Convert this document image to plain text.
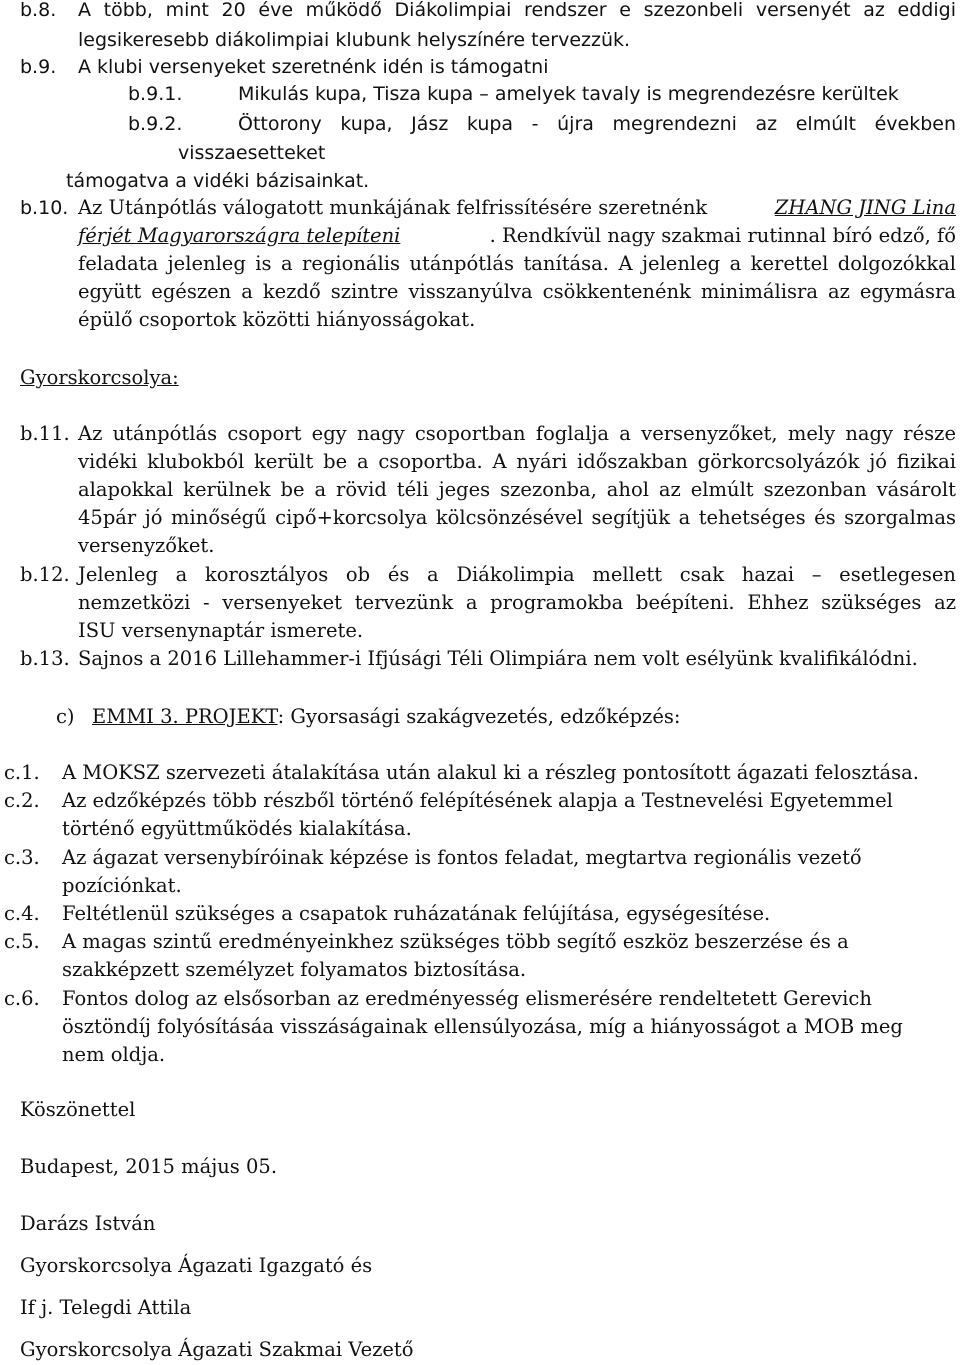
b.8. A több, mint 20 éve működő Diákolimpiai rendszer e szezonbeli versenyét az eddigi
legsikeresebb diákolimpiai klubunk helyszínére tervezzük.
b.9. A klubi versenyeket szeretnénk idén is támogatni
b.9.1.	Mikulás kupa, Tisza kupa – amelyek tavaly is megrendezésre kerültek
b.9.2.	Öttorony kupa, Jász kupa - újra megrendezni az elmúlt években
visszaesetteket
támogatva a vidéki bázisainkat.
b.10. Az Utánpótlás válogatott munkájának felfrissítésére szeretnénk	ZHANG JING Lina
férjét Magyarországra telepíteni	. Rendkívül nagy szakmai rutinnal bíró edző, fő
feladata jelenleg is a regionális utánpótlás tanítása. A jelenleg a kerettel dolgozókkal
együtt egészen a kezdő szintre visszanyúlva csökkentenénk minimálisra az egymásra
épülő csoportok közötti hiányosságokat.
Gyorskorcsolya:
b.11. Az utánpótlás csoport egy nagy csoportban foglalja a versenyzőket, mely nagy része
vidéki klubokból került be a csoportba. A nyári időszakban görkorcsolyázók jó fizikai
alapokkal kerülnek be a rövid téli jeges szezonba, ahol az elmúlt szezonban vásárolt
45pár jó minőségű cipő+korcsolya kölcsönzésével segítjük a tehetséges és szorgalmas
versenyzőket.
b.12. Jelenleg a korosztályos ob és a Diákolimpia mellett csak hazai – esetlegesen
nemzetközi - versenyeket tervezünk a programokba beépíteni. Ehhez szükséges az
ISU versenynaptár ismerete.
b.13. Sajnos a 2016 Lillehammer-i Ifjúsági Téli Olimpiára nem volt esélyünk kvalifikálódni.
c) EMMI 3. PROJEKT: Gyorsasági szakágvezetés, edzőképzés:
c.1. A MOKSZ szervezeti átalakítása után alakul ki a részleg pontosított ágazati felosztása.
c.2. Az edzőképzés több részből történő felépítésének alapja a Testnevelési Egyetemmel
történő együttműködés kialakítása.
c.3. Az ágazat versenybíróinak képzése is fontos feladat, megtartva regionális vezető
pozíciónkat.
c.4. Feltétlenül szükséges a csapatok ruházatának felújítása, egységesítése.
c.5. A magas szintű eredményeinkhez szükséges több segítő eszköz beszerzése és a
szakképzett személyzet folyamatos biztosítása.
c.6. Fontos dolog az elsősorban az eredményesség elismerésére rendeltetett Gerevich
ösztöndíj folyósításáa visszáságainak ellensúlyozása, míg a hiányosságot a MOB meg
nem oldja.
Köszönettel
Budapest, 2015 május 05.
Darázs István
Gyorskorcsolya Ágazati Igazgató és
If j. Telegdi Attila
Gyorskorcsolya Ágazati Szakmai Vezető
